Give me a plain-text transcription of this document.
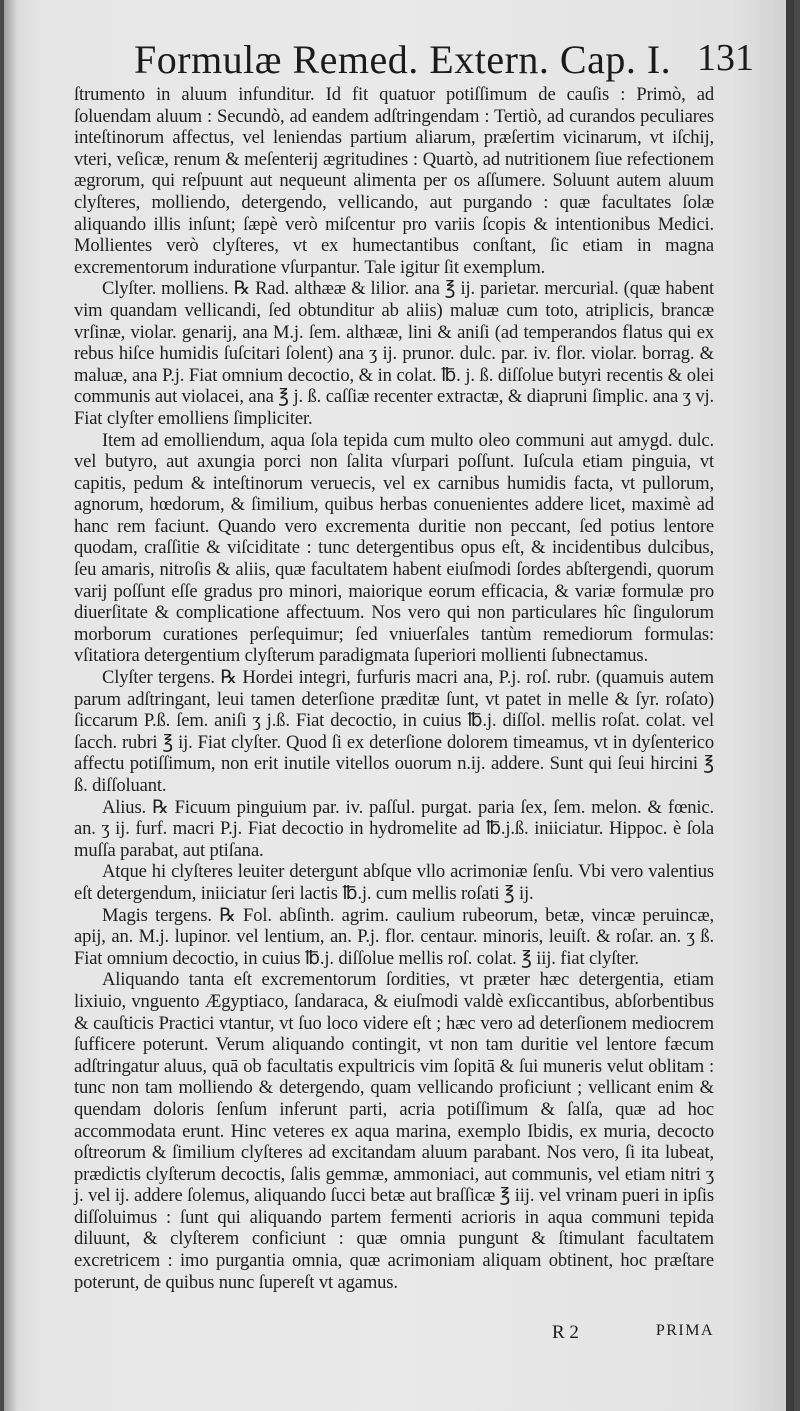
Formulæ Remed. Extern. Cap. I. 131

ſtrumento in aluum infunditur. Id fit quatuor potiſſimum de cauſis : Primò, ad ſoluendam aluum : Secundò, ad eandem adſtringendam : Tertiò, ad curandos peculiares inteſtinorum affectus, vel leniendas partium aliarum, præſertim vicinarum, vt iſchij, vteri, veſicæ, renum & meſenterij ægritudines : Quartò, ad nutritionem ſiue refectionem ægrorum, qui reſpuunt aut nequeunt alimenta per os aſſumere. Soluunt autem aluum clyſteres, molliendo, detergendo, vellicando, aut purgando : quæ facultates ſolæ aliquando illis inſunt; ſæpè verò miſcentur pro variis ſcopis & intentionibus Medici. Mollientes verò clyſteres, vt ex humectantibus conſtant, ſic etiam in magna excrementorum induratione vſurpantur. Tale igitur ſit exemplum.

Clyſter. molliens. ℞ Rad. althææ & lilior. ana ℥ ij. parietar. mercurial. (quæ habent vim quandam vellicandi, ſed obtunditur ab aliis) maluæ cum toto, atriplicis, brancæ vrſinæ, violar. genarij, ana M.j. ſem. althææ, lini & aniſi (ad temperandos flatus qui ex rebus hiſce humidis ſuſcitari ſolent) ana ʒ ij. prunor. dulc. par. iv. flor. violar. borrag. & maluæ, ana P.j. Fiat omnium decoctio, & in colat. ℔. j. ß. diſſolue butyri recentis & olei communis aut violacei, ana ℥ j. ß. caſſiæ recenter extractæ, & diapruni ſimplic. ana ʒ vj. Fiat clyſter emolliens ſimpliciter.

Item ad emolliendum, aqua ſola tepida cum multo oleo communi aut amygd. dulc. vel butyro, aut axungia porci non ſalita vſurpari poſſunt. Iuſcula etiam pinguia, vt capitis, pedum & inteſtinorum veruecis, vel ex carnibus humidis facta, vt pullorum, agnorum, hœdorum, & ſimilium, quibus herbas conuenientes addere licet, maximè ad hanc rem faciunt. Quando vero excrementa duritie non peccant, ſed potius lentore quodam, craſſitie & viſciditate : tunc detergentibus opus eſt, & incidentibus dulcibus, ſeu amaris, nitroſis & aliis, quæ facultatem habent eiuſmodi ſordes abſtergendi, quorum varij poſſunt eſſe gradus pro minori, maiorique eorum efficacia, & variæ formulæ pro diuerſitate & complicatione affectuum. Nos vero qui non particulares hîc ſingulorum morborum curationes perſequimur; ſed vniuerſales tantùm remediorum formulas: vſitatiora detergentium clyſterum paradigmata ſuperiori mollienti ſubnectamus.

Clyſter tergens. ℞ Hordei integri, furfuris macri ana, P.j. roſ. rubr. (quamuis autem parum adſtringant, leui tamen deterſione præditæ ſunt, vt patet in melle & ſyr. roſato) ſiccarum P.ß. ſem. aniſi ʒ j.ß. Fiat decoctio, in cuius ℔.j. diſſol. mellis roſat. colat. vel ſacch. rubri ℥ ij. Fiat clyſter. Quod ſi ex deterſione dolorem timeamus, vt in dyſenterico affectu potiſſimum, non erit inutile vitellos ouorum n.ij. addere. Sunt qui ſeui hircini ℥ ß. diſſoluant.

Alius. ℞ Ficuum pinguium par. iv. paſſul. purgat. paria ſex, ſem. melon. & fœnic. an. ʒ ij. furf. macri P.j. Fiat decoctio in hydromelite ad ℔.j.ß. iniiciatur. Hippoc. è ſola muſſa parabat, aut ptiſana.

Atque hi clyſteres leuiter detergunt abſque vllo acrimoniæ ſenſu. Vbi vero valentius eſt detergendum, iniiciatur ſeri lactis ℔.j. cum mellis roſati ℥ ij.

Magis tergens. ℞ Fol. abſinth. agrim. caulium rubeorum, betæ, vincæ peruincæ, apij, an. M.j. lupinor. vel lentium, an. P.j. flor. centaur. minoris, leuiſt. & roſar. an. ʒ ß. Fiat omnium decoctio, in cuius ℔.j. diſſolue mellis roſ. colat. ℥ iij. fiat clyſter.

Aliquando tanta eſt excrementorum ſordities, vt præter hæc detergentia, etiam lixiuio, vnguento Ægyptiaco, ſandaraca, & eiuſmodi valdè exſiccantibus, abſorbentibus & cauſticis Practici vtantur, vt ſuo loco videre eſt ; hæc vero ad deterſionem mediocrem ſufficere poterunt. Verum aliquando contingit, vt non tam duritie vel lentore fæcum adſtringatur aluus, quā ob facultatis expultricis vim ſopitā & ſui muneris velut oblitam : tunc non tam molliendo & detergendo, quam vellicando proficiunt ; vellicant enim & quendam doloris ſenſum inferunt parti, acria potiſſimum & ſalſa, quæ ad hoc accommodata erunt. Hinc veteres ex aqua marina, exemplo Ibidis, ex muria, decocto oſtreorum & ſimilium clyſteres ad excitandam aluum parabant. Nos vero, ſi ita lubeat, prædictis clyſterum decoctis, ſalis gemmæ, ammoniaci, aut communis, vel etiam nitri ʒ j. vel ij. addere ſolemus, aliquando ſucci betæ aut braſſicæ ℥ iij. vel vrinam pueri in ipſis diſſoluimus : ſunt qui aliquando partem fermenti acrioris in aqua communi tepida diluunt, & clyſterem conficiunt : quæ omnia pungunt & ſtimulant facultatem excretricem : imo purgantia omnia, quæ acrimoniam aliquam obtinent, hoc præſtare poterunt, de quibus nunc ſupereſt vt agamus.

R 2	PRIMA
